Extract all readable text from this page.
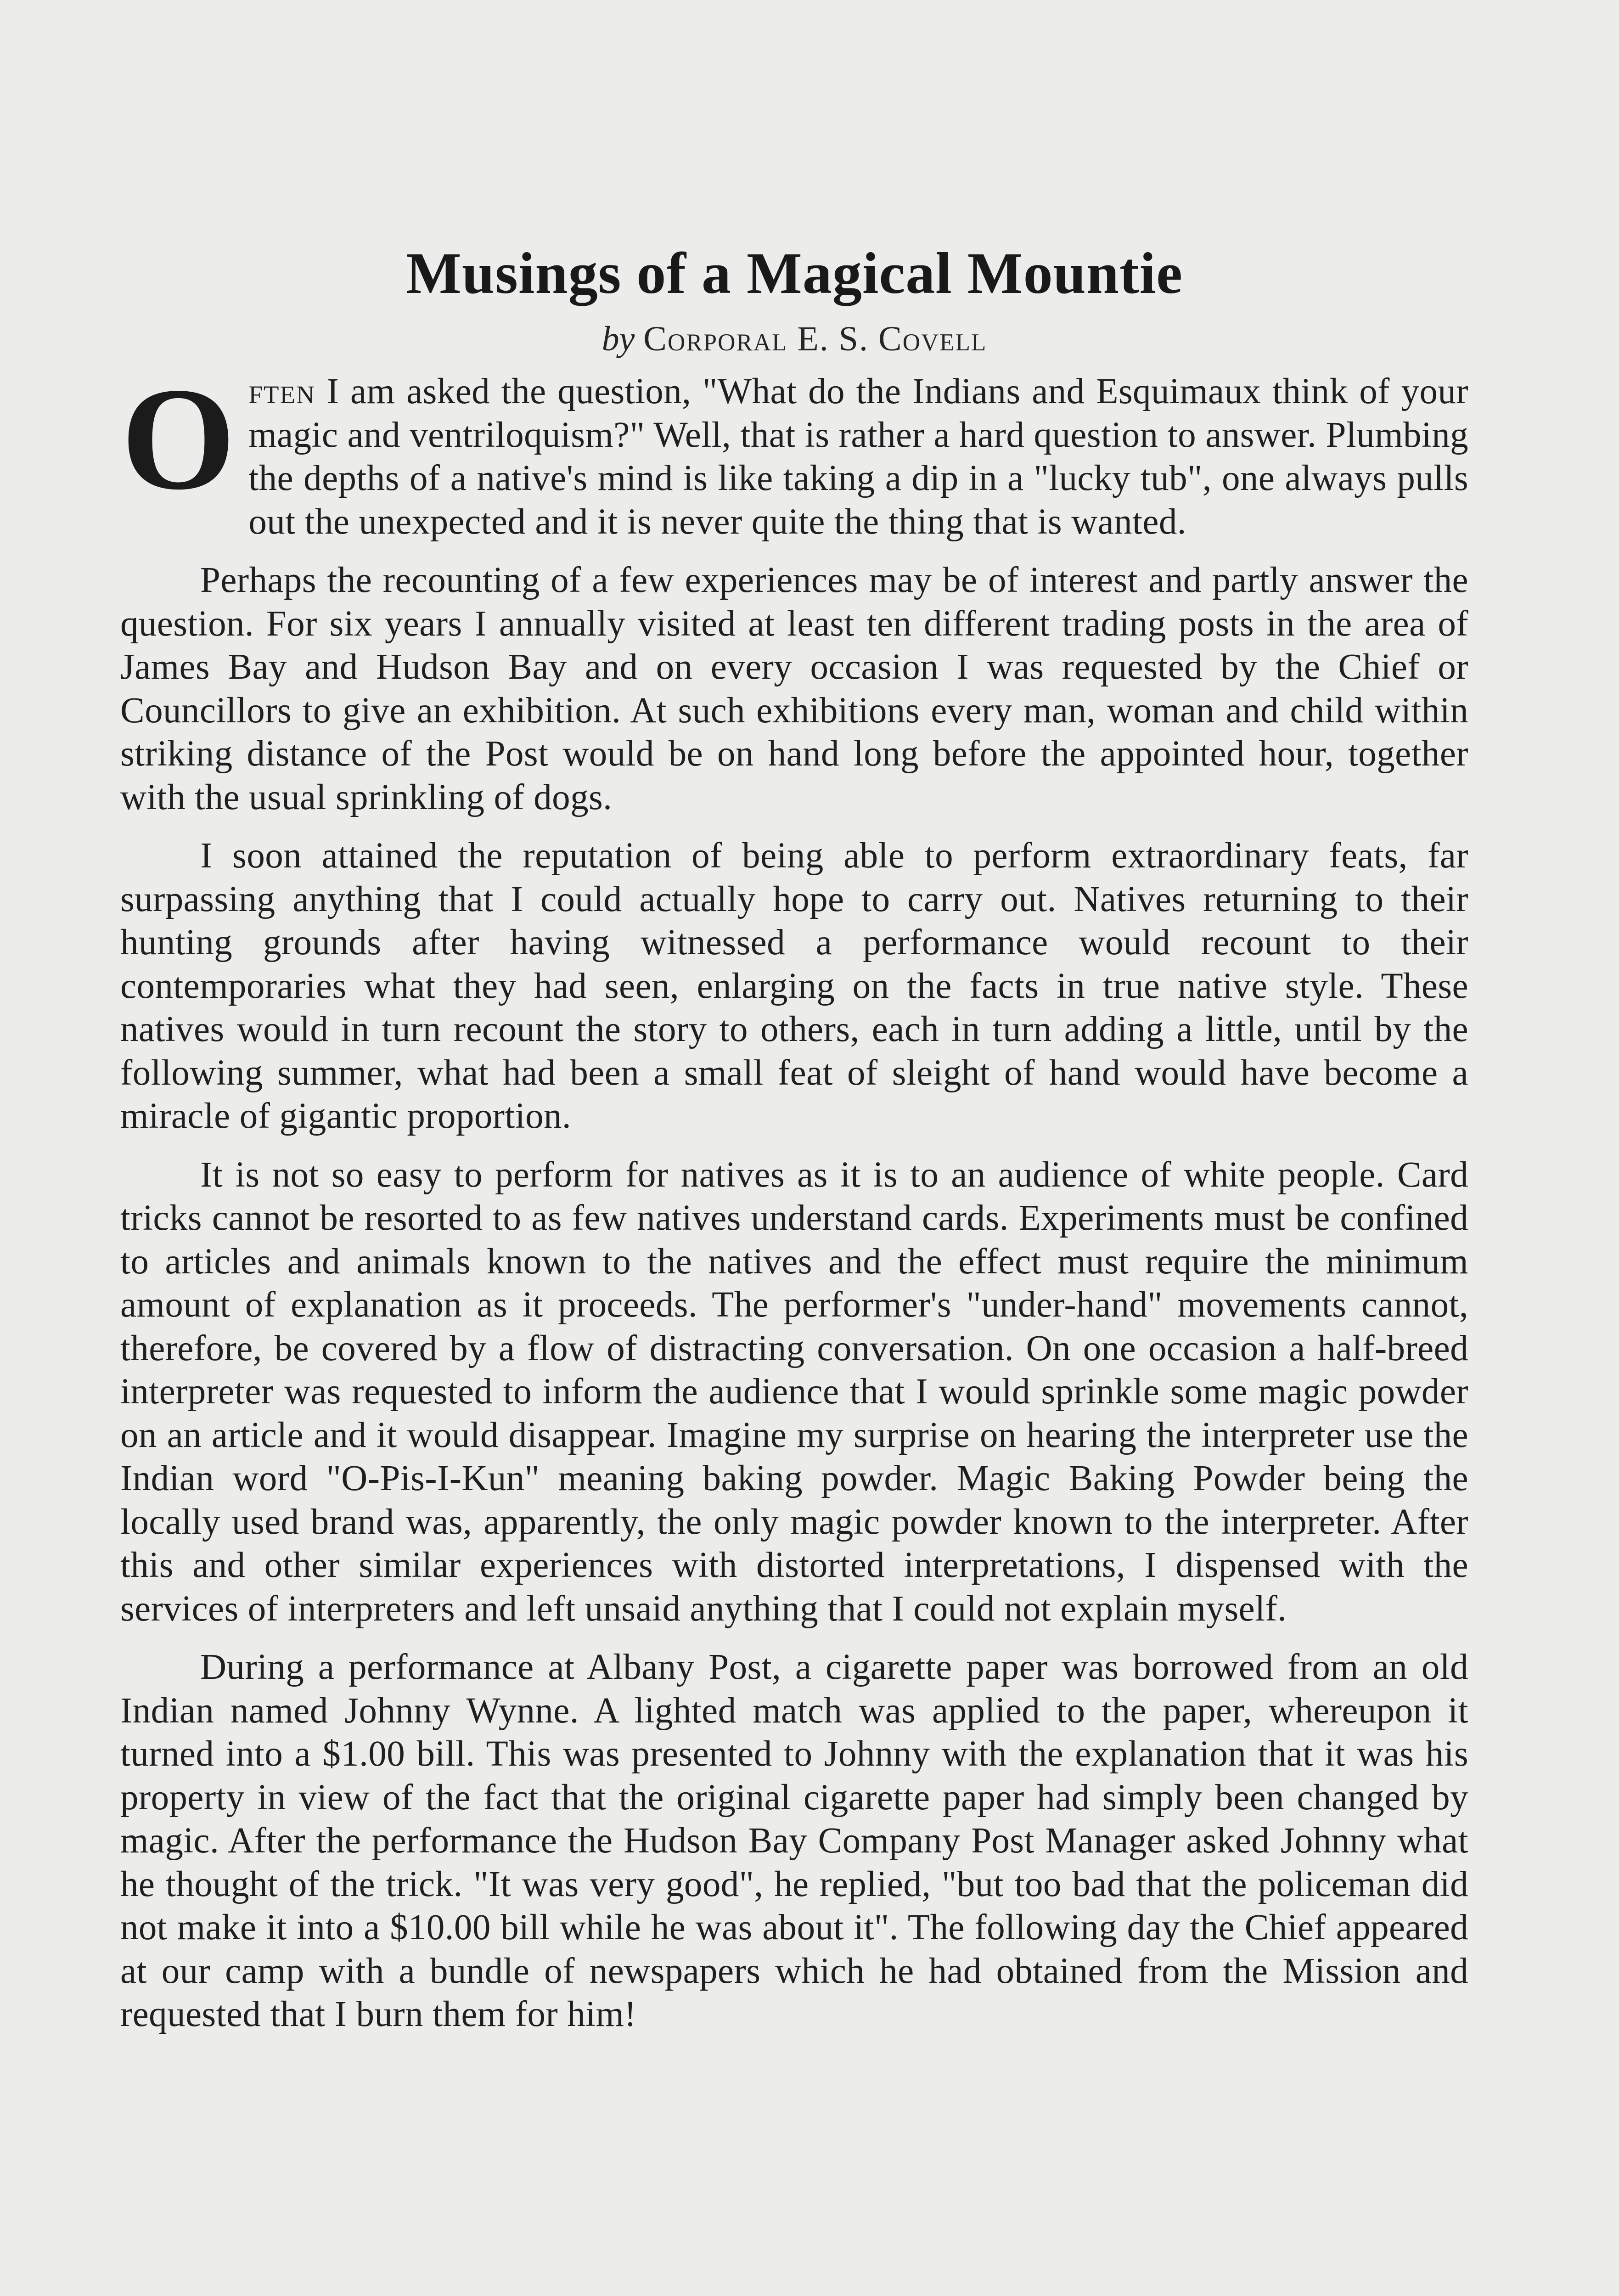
Musings of a Magical Mountie

by Corporal E. S. Covell

Often I am asked the question, "What do the Indians and Esquimaux think of your magic and ventriloquism?" Well, that is rather a hard question to answer. Plumbing the depths of a native's mind is like taking a dip in a "lucky tub", one always pulls out the unexpected and it is never quite the thing that is wanted.

Perhaps the recounting of a few experiences may be of interest and partly answer the question. For six years I annually visited at least ten different trading posts in the area of James Bay and Hudson Bay and on every occasion I was requested by the Chief or Councillors to give an exhibition. At such exhibitions every man, woman and child within striking distance of the Post would be on hand long before the appointed hour, together with the usual sprinkling of dogs.

I soon attained the reputation of being able to perform extraordinary feats, far surpassing anything that I could actually hope to carry out. Natives returning to their hunting grounds after having witnessed a performance would recount to their contemporaries what they had seen, enlarging on the facts in true native style. These natives would in turn recount the story to others, each in turn adding a little, until by the following summer, what had been a small feat of sleight of hand would have become a miracle of gigantic proportion.

It is not so easy to perform for natives as it is to an audience of white people. Card tricks cannot be resorted to as few natives understand cards. Experiments must be confined to articles and animals known to the natives and the effect must require the minimum amount of explanation as it proceeds. The performer's "under-hand" movements cannot, therefore, be covered by a flow of distracting conversation. On one occasion a half-breed interpreter was requested to inform the audience that I would sprinkle some magic powder on an article and it would disappear. Imagine my surprise on hearing the interpreter use the Indian word "O-Pis-I-Kun" meaning baking powder. Magic Baking Powder being the locally used brand was, apparently, the only magic powder known to the interpreter. After this and other similar experiences with distorted interpretations, I dispensed with the services of interpreters and left unsaid anything that I could not explain myself.

During a performance at Albany Post, a cigarette paper was borrowed from an old Indian named Johnny Wynne. A lighted match was applied to the paper, whereupon it turned into a $1.00 bill. This was presented to Johnny with the explanation that it was his property in view of the fact that the original cigarette paper had simply been changed by magic. After the performance the Hudson Bay Company Post Manager asked Johnny what he thought of the trick. "It was very good", he replied, "but too bad that the policeman did not make it into a $10.00 bill while he was about it". The following day the Chief appeared at our camp with a bundle of newspapers which he had obtained from the Mission and requested that I burn them for him!
